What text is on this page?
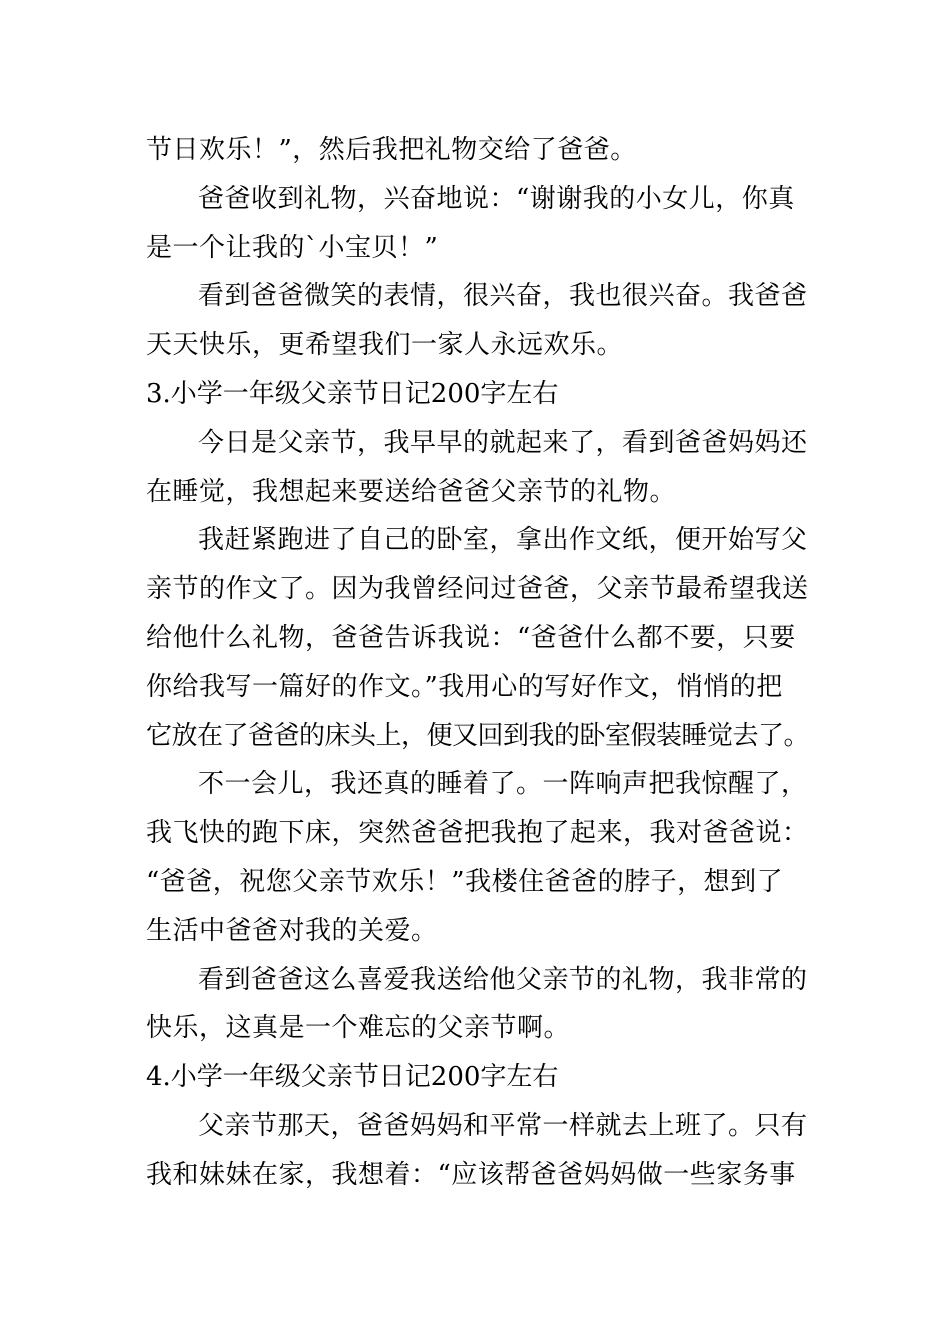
节日欢乐！”，然后我把礼物交给了爸爸。
爸爸收到礼物，兴奋地说：“谢谢我的小女儿，你真
是一个让我的`小宝贝！”
看到爸爸微笑的表情，很兴奋，我也很兴奋。我爸爸
天天快乐，更希望我们一家人永远欢乐。
3.小学一年级父亲节日记200字左右
今日是父亲节，我早早的就起来了，看到爸爸妈妈还
在睡觉，我想起来要送给爸爸父亲节的礼物。
我赶紧跑进了自己的卧室，拿出作文纸，便开始写父
亲节的作文了。因为我曾经问过爸爸，父亲节最希望我送
给他什么礼物，爸爸告诉我说：“爸爸什么都不要，只要
你给我写一篇好的作文。”我用心的写好作文，悄悄的把
它放在了爸爸的床头上，便又回到我的卧室假装睡觉去了。
不一会儿，我还真的睡着了。一阵响声把我惊醒了，
我飞快的跑下床，突然爸爸把我抱了起来，我对爸爸说：
“爸爸，祝您父亲节欢乐！”我楼住爸爸的脖子，想到了
生活中爸爸对我的关爱。
看到爸爸这么喜爱我送给他父亲节的礼物，我非常的
快乐，这真是一个难忘的父亲节啊。
4.小学一年级父亲节日记200字左右
父亲节那天，爸爸妈妈和平常一样就去上班了。只有
我和妹妹在家，我想着：“应该帮爸爸妈妈做一些家务事
